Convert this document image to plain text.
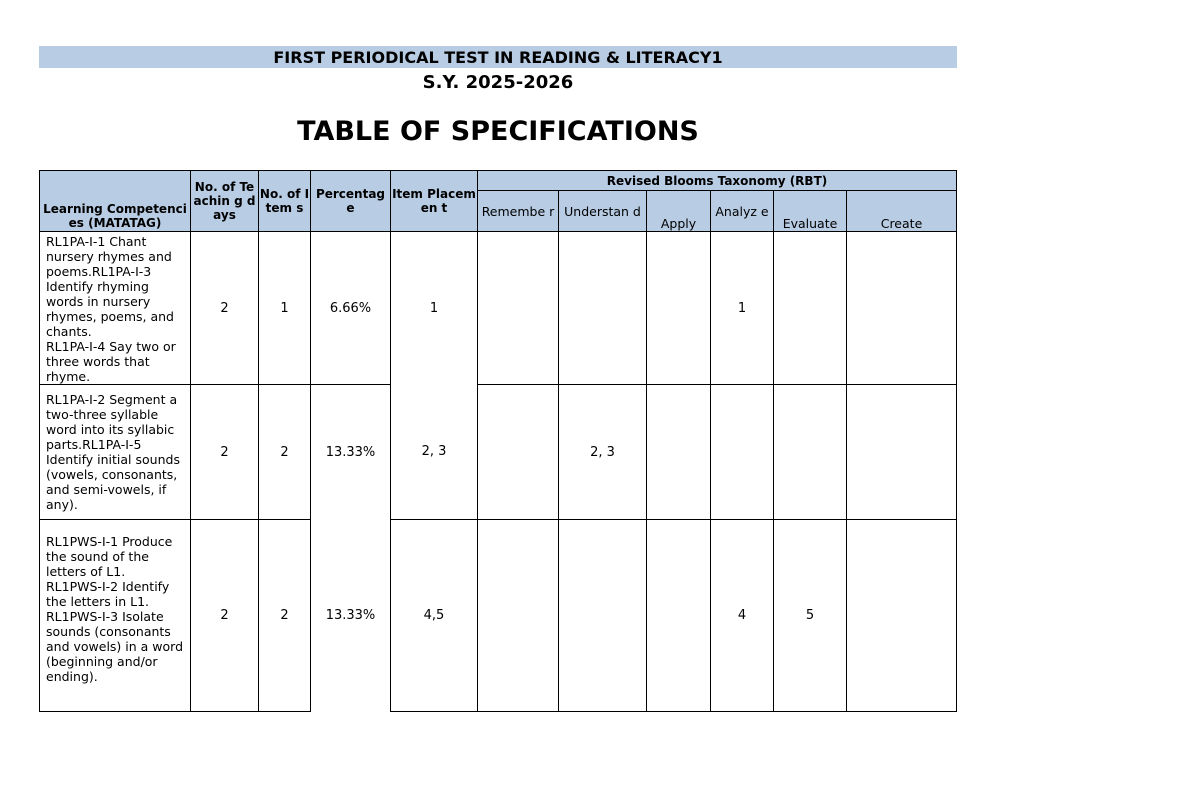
FIRST PERIODICAL TEST IN READING & LITERACY1
S.Y. 2025-2026
TABLE OF SPECIFICATIONS
Learning Competencies (MATATAG)	No. of Teachin g days	No. of Item s	Percentag e	Item Placemen t	Revised Blooms Taxonomy (RBT)					
					Remembe r	Understan d	Apply	Analyz e	Evaluate	Create
RL1PA-I-1 Chant nursery rhymes and poems.RL1PA-I-3 Identify rhyming words in nursery rhymes, poems, and chants.
RL1PA-I-4 Say two or three words that rhyme.	2	1	6.66%	1				1		
RL1PA-I-2 Segment a two-three syllable word into its syllabic parts.RL1PA-I-5 Identify initial sounds (vowels, consonants, and semi-vowels, if any).	2	2	13.33%	2, 3		2, 3				
RL1PWS-I-1 Produce the sound of the letters of L1.
RL1PWS-I-2 Identify the letters in L1.
RL1PWS-I-3 Isolate sounds (consonants and vowels) in a word (beginning and/or
ending).	2	2	13.33%	4,5				4	5	
